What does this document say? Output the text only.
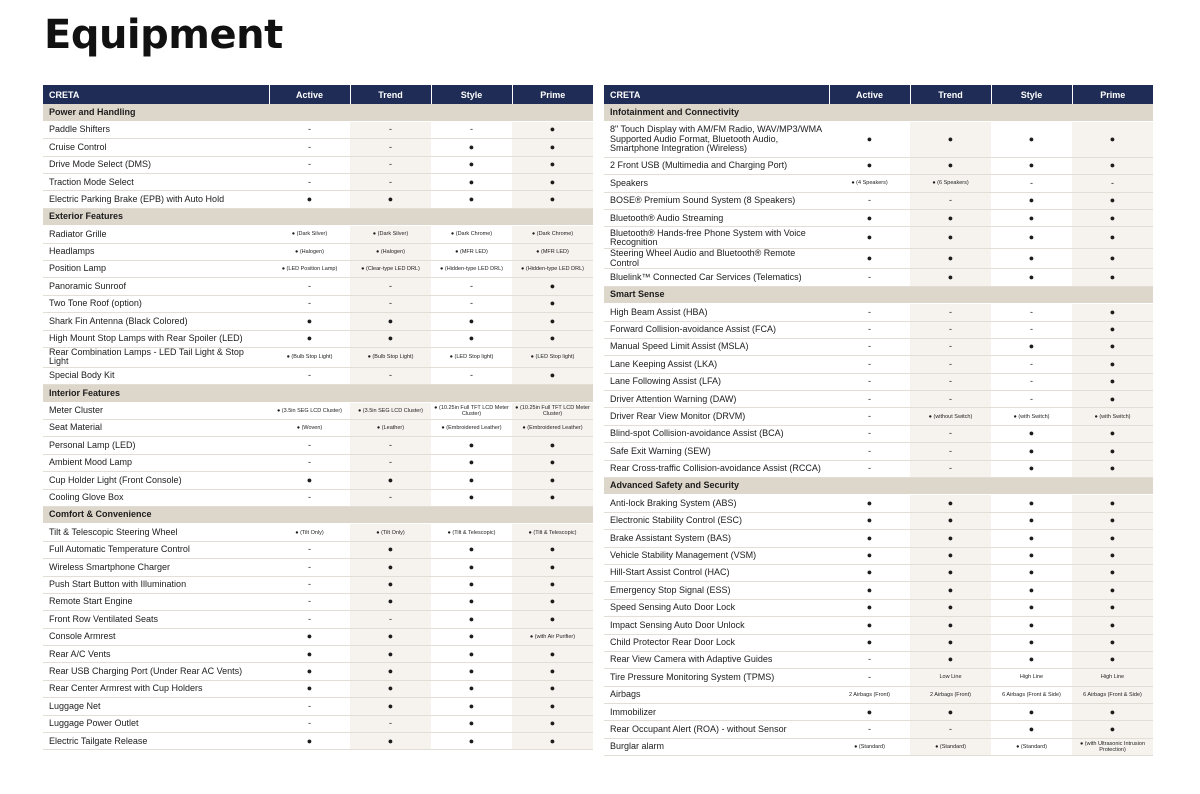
Equipment
CRETA	Active	Trend	Style	Prime
Power and Handling				
Paddle Shifters	-	-	-	●
Cruise Control	-	-	●	●
Drive Mode Select (DMS)	-	-	●	●
Traction Mode Select	-	-	●	●
Electric Parking Brake (EPB) with Auto Hold	●	●	●	●
Exterior Features				
Radiator Grille	● (Dark Silver)	● (Dark Silver)	● (Dark Chrome)	● (Dark Chrome)
Headlamps	● (Halogen)	● (Halogen)	● (MFR LED)	● (MFR LED)
Position Lamp	● (LED Position Lamp)	● (Clear-type LED DRL)	● (Hidden-type LED DRL)	● (Hidden-type LED DRL)
Panoramic Sunroof	-	-	-	●
Two Tone Roof (option)	-	-	-	●
Shark Fin Antenna (Black Colored)	●	●	●	●
High Mount Stop Lamps with Rear Spoiler (LED)	●	●	●	●
Rear Combination Lamps - LED Tail Light & Stop Light	● (Bulb Stop Light)	● (Bulb Stop Light)	● (LED Stop light)	● (LED Stop light)
Special Body Kit	-	-	-	●
Interior Features				
Meter Cluster	● (3.5in SEG LCD Cluster)	● (3.5in SEG LCD Cluster)	● (10.25in Full TFT LCD Meter Cluster)	● (10.25in Full TFT LCD Meter Cluster)
Seat Material	● (Woven)	● (Leather)	● (Embroidered Leather)	● (Embroidered Leather)
Personal Lamp (LED)	-	-	●	●
Ambient Mood Lamp	-	-	●	●
Cup Holder Light (Front Console)	●	●	●	●
Cooling Glove Box	-	-	●	●
Comfort & Convenience				
Tilt & Telescopic Steering Wheel	● (Tilt Only)	● (Tilt Only)	● (Tilt & Telescopic)	● (Tilt & Telescopic)
Full Automatic Temperature Control	-	●	●	●
Wireless Smartphone Charger	-	●	●	●
Push Start Button with Illumination	-	●	●	●
Remote Start Engine	-	●	●	●
Front Row Ventilated Seats	-	-	●	●
Console Armrest	●	●	●	● (with Air Purifier)
Rear A/C Vents	●	●	●	●
Rear USB Charging Port (Under Rear AC Vents)	●	●	●	●
Rear Center Armrest with Cup Holders	●	●	●	●
Luggage Net	-	●	●	●
Luggage Power Outlet	-	-	●	●
Electric Tailgate Release	●	●	●	●
CRETA	Active	Trend	Style	Prime
Infotainment and Connectivity				
8" Touch Display with AM/FM Radio, WAV/MP3/WMA Supported Audio Format, Bluetooth Audio, Smartphone Integration (Wireless)	●	●	●	●
2 Front USB (Multimedia and Charging Port)	●	●	●	●
Speakers	● (4 Speakers)	● (6 Speakers)	-	-
BOSE® Premium Sound System (8 Speakers)	-	-	●	●
Bluetooth® Audio Streaming	●	●	●	●
Bluetooth® Hands-free Phone System with Voice Recognition	●	●	●	●
Steering Wheel Audio and Bluetooth® Remote Control	●	●	●	●
Bluelink™ Connected Car Services (Telematics)	-	●	●	●
Smart Sense				
High Beam Assist (HBA)	-	-	-	●
Forward Collision-avoidance Assist (FCA)	-	-	-	●
Manual Speed Limit Assist (MSLA)	-	-	●	●
Lane Keeping Assist (LKA)	-	-	-	●
Lane Following Assist (LFA)	-	-	-	●
Driver Attention Warning (DAW)	-	-	-	●
Driver Rear View Monitor (DRVM)	-	● (without Switch)	● (with Switch)	● (with Switch)
Blind-spot Collision-avoidance Assist (BCA)	-	-	●	●
Safe Exit Warning (SEW)	-	-	●	●
Rear Cross-traffic Collision-avoidance Assist (RCCA)	-	-	●	●
Advanced Safety and Security				
Anti-lock Braking System (ABS)	●	●	●	●
Electronic Stability Control (ESC)	●	●	●	●
Brake Assistant System (BAS)	●	●	●	●
Vehicle Stability Management (VSM)	●	●	●	●
Hill-Start Assist Control (HAC)	●	●	●	●
Emergency Stop Signal (ESS)	●	●	●	●
Speed Sensing Auto Door Lock	●	●	●	●
Impact Sensing Auto Door Unlock	●	●	●	●
Child Protector Rear Door Lock	●	●	●	●
Rear View Camera with Adaptive Guides	-	●	●	●
Tire Pressure Monitoring System (TPMS)	-	Low Line	High Line	High Line
Airbags	2 Airbags (Front)	2 Airbags (Front)	6 Airbags (Front & Side)	6 Airbags (Front & Side)
Immobilizer	●	●	●	●
Rear Occupant Alert (ROA) - without Sensor	-	-	●	●
Burglar alarm	● (Standard)	● (Standard)	● (Standard)	● (with Ultrasonic Intrusion Protection)
